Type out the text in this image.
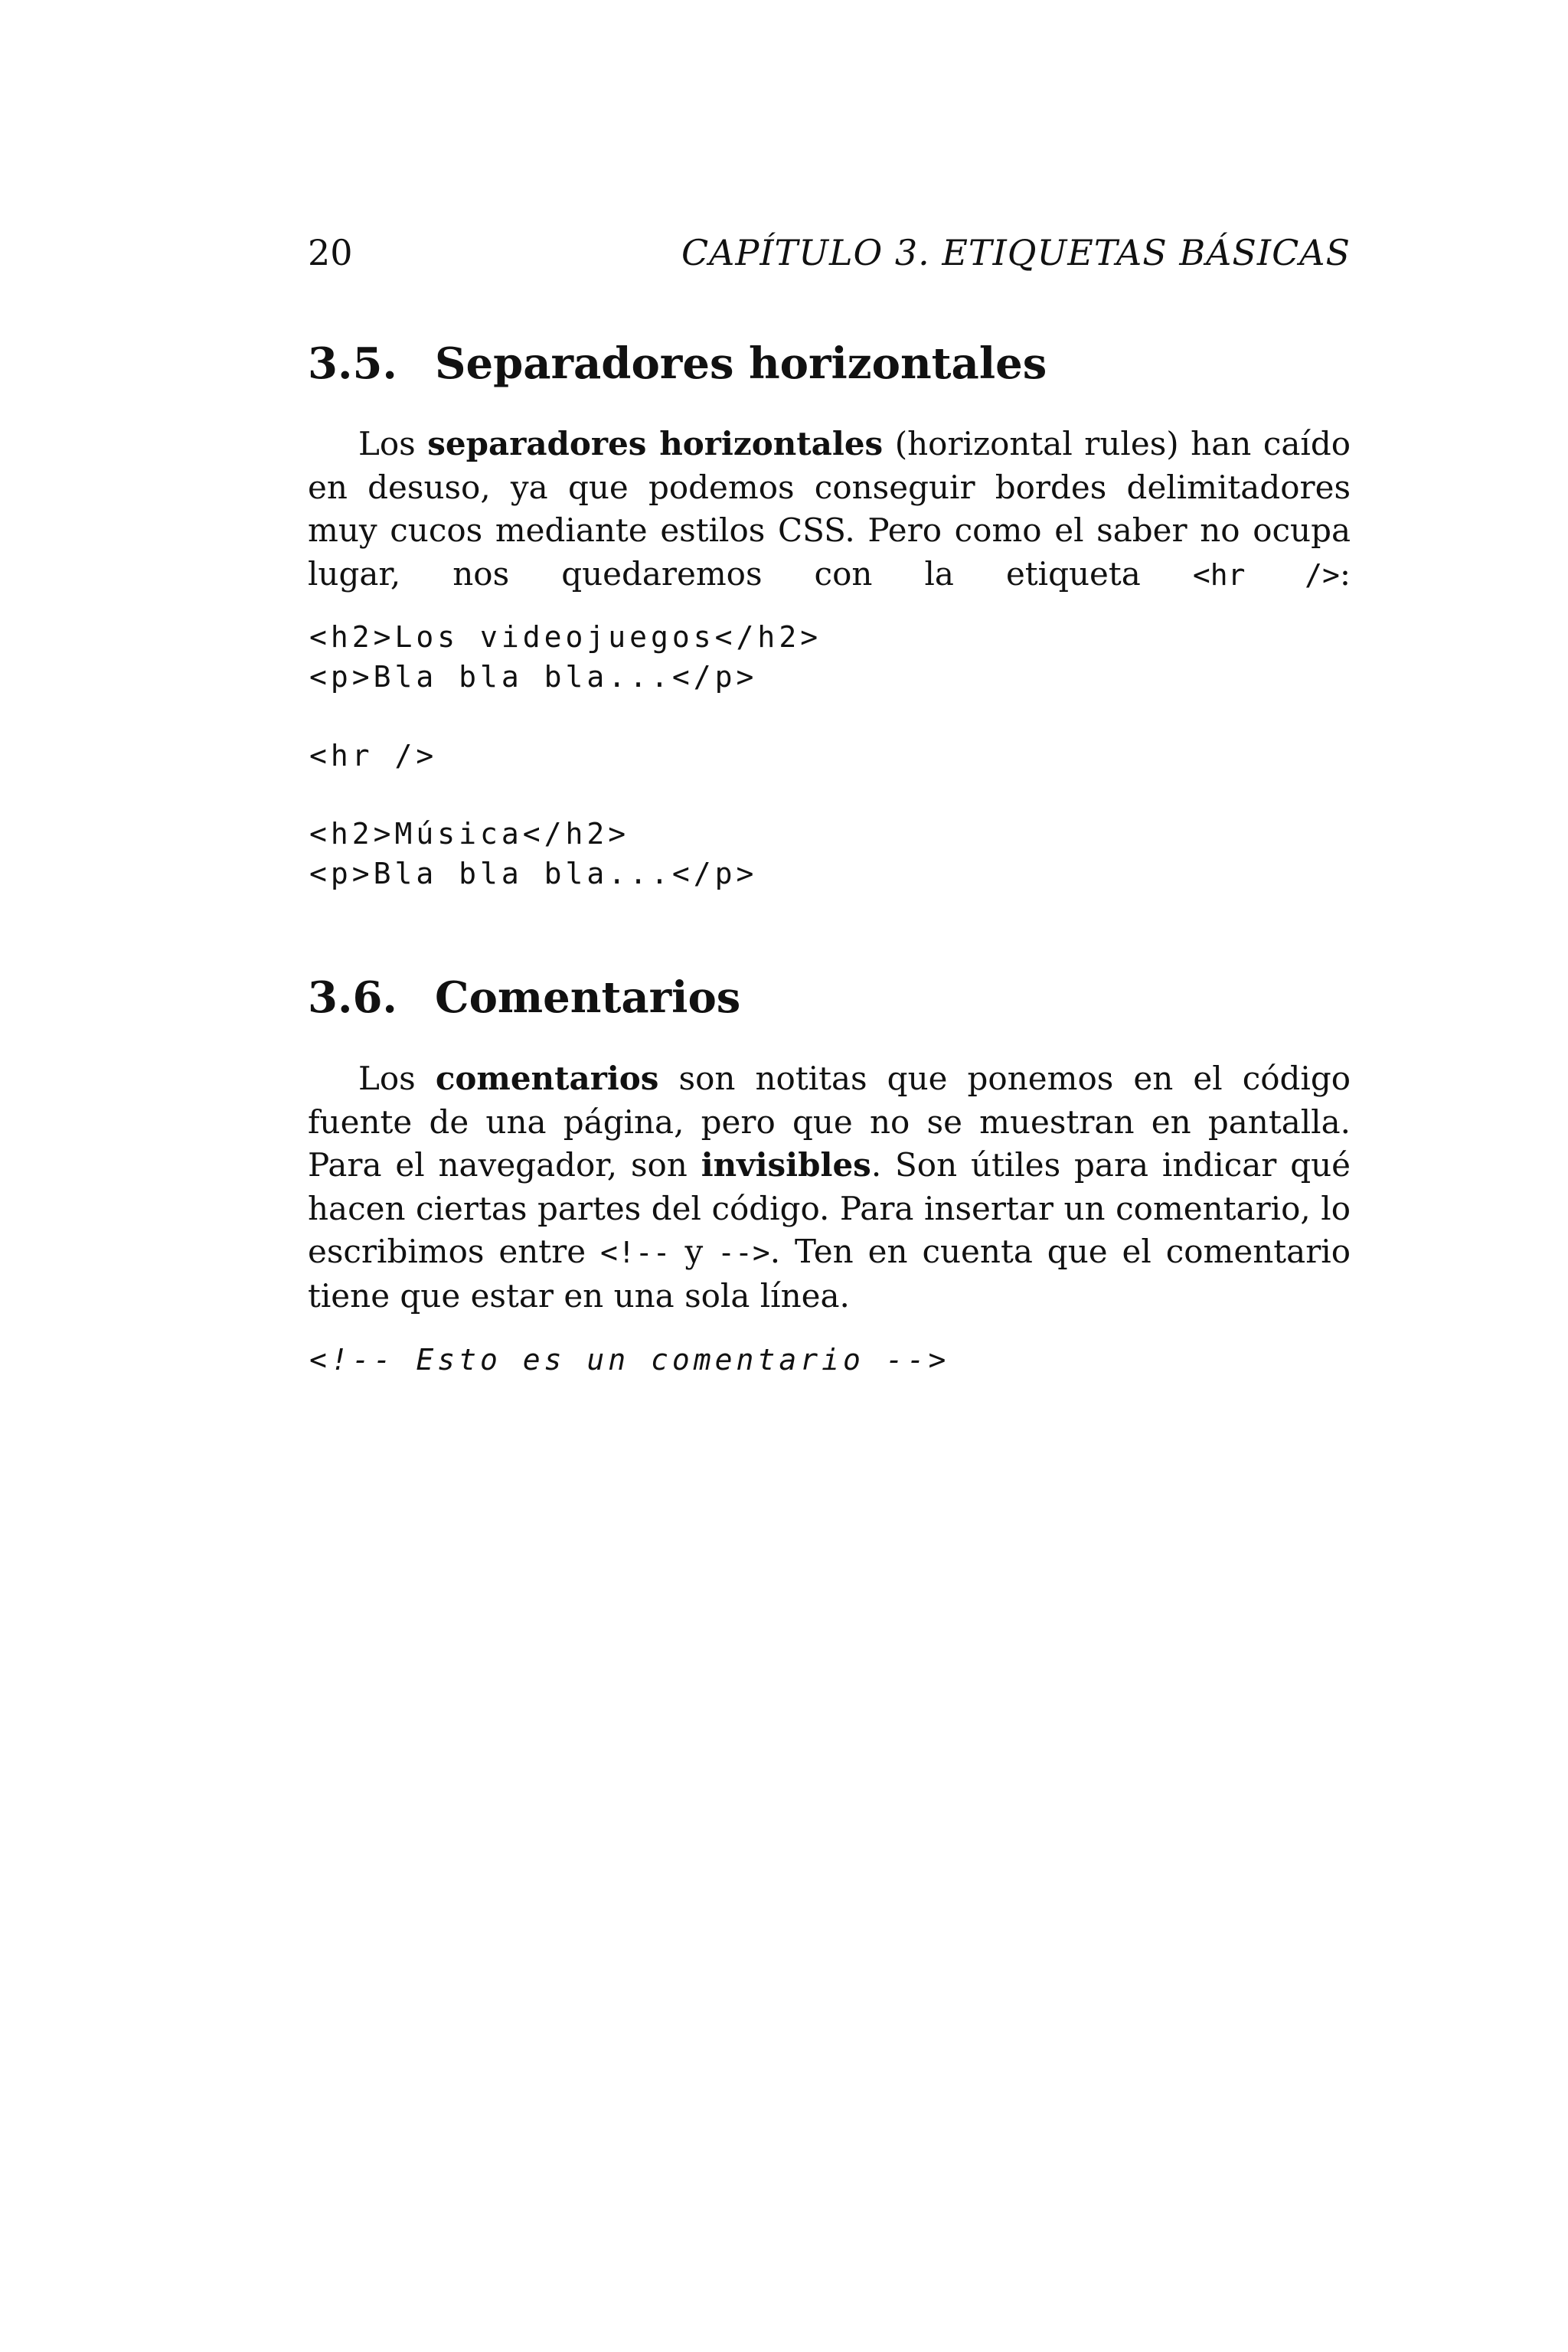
20	CAPÍTULO 3. ETIQUETAS BÁSICAS
3.5. Separadores horizontales

Los separadores horizontales (horizontal rules) han caído en desuso, ya que podemos conseguir bordes delimitadores muy cucos mediante estilos CSS. Pero como el saber no ocupa lugar, nos quedaremos con la etiqueta <hr />:

<h2>Los videojuegos</h2>
<p>Bla bla bla...</p>
<hr />
<h2>Música</h2>
<p>Bla bla bla...</p>
3.6. Comentarios

Los comentarios son notitas que ponemos en el código fuente de una página, pero que no se muestran en pantalla. Para el navegador, son invisibles. Son útiles para indicar qué hacen ciertas partes del código. Para insertar un comentario, lo escribimos entre <!-- y -->. Ten en cuenta que el comentario tiene que estar en una sola línea.

<!-- Esto es un comentario -->
